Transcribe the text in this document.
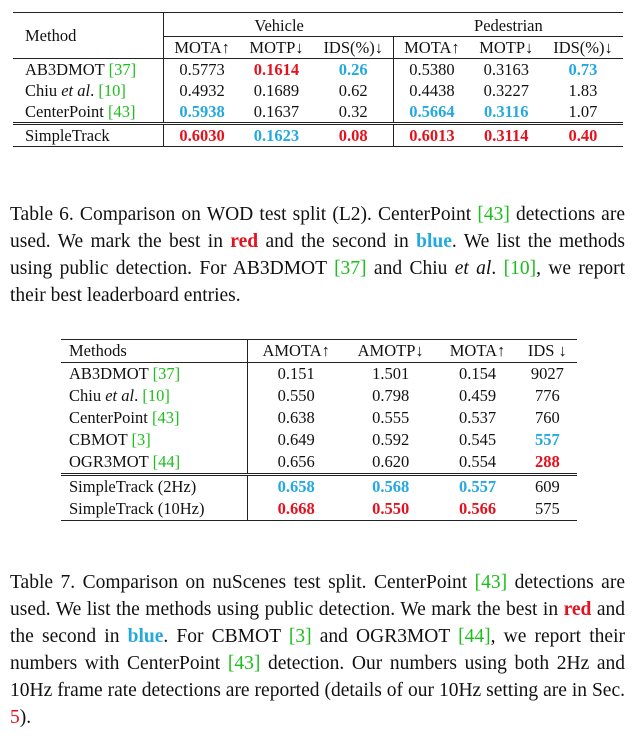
Method	Vehicle			Pedestrian		
	MOTA↑	MOTP↓	IDS(%)↓	MOTA↑	MOTP↓	IDS(%)↓
AB3DMOT [37]	0.5773	0.1614	0.26	0.5380	0.3163	0.73
Chiu et al. [10]	0.4932	0.1689	0.62	0.4438	0.3227	1.83
CenterPoint [43]	0.5938	0.1637	0.32	0.5664	0.3116	1.07
SimpleTrack	0.6030	0.1623	0.08	0.6013	0.3114	0.40
Table 6. Comparison on WOD test split (L2). CenterPoint [43] detections are used. We mark the best in red and the second in blue. We list the methods using public detection. For AB3DMOT [37] and Chiu et al. [10], we report their best leaderboard entries.
Methods	AMOTA↑	AMOTP↓	MOTA↑	IDS ↓
AB3DMOT [37]	0.151	1.501	0.154	9027
Chiu et al. [10]	0.550	0.798	0.459	776
CenterPoint [43]	0.638	0.555	0.537	760
CBMOT [3]	0.649	0.592	0.545	557
OGR3MOT [44]	0.656	0.620	0.554	288
SimpleTrack (2Hz)	0.658	0.568	0.557	609
SimpleTrack (10Hz)	0.668	0.550	0.566	575
Table 7. Comparison on nuScenes test split. CenterPoint [43] detections are used. We list the methods using public detection. We mark the best in red and the second in blue. For CBMOT [3] and OGR3MOT [44], we report their numbers with CenterPoint [43] detection. Our numbers using both 2Hz and 10Hz frame rate detections are reported (details of our 10Hz setting are in Sec. 5).
